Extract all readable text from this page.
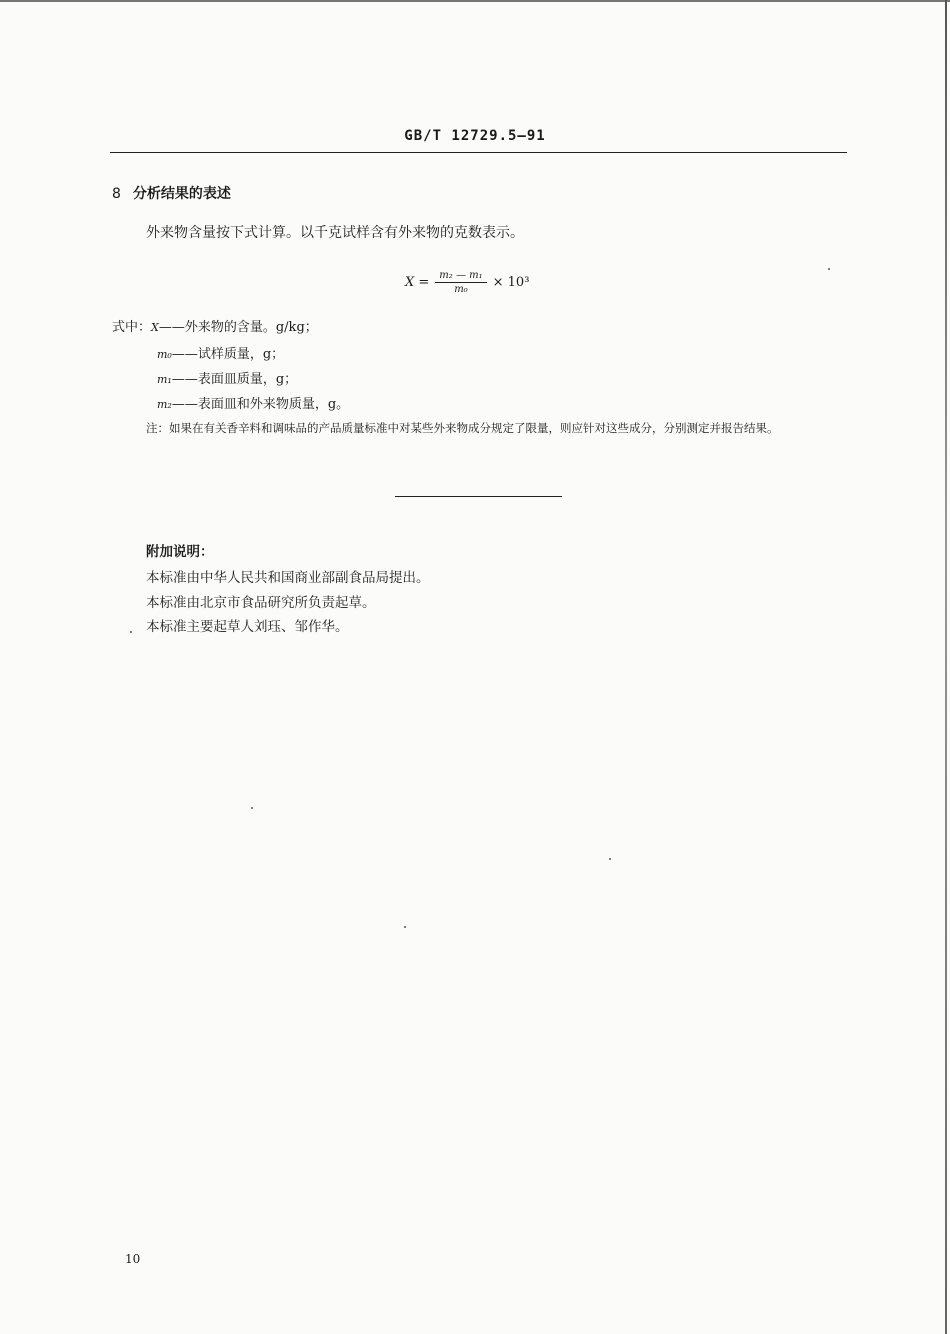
GB/T 12729.5—91
8 分析结果的表述
外来物含量按下式计算。以千克试样含有外来物的克数表示。
$X = \frac{\text{m₂ — m₁}}{\text{m₀}} \times 10^3$
式中：X——外来物的含量。g/kg；
m₀——试样质量，g；
m₁——表面皿质量，g；
m₂——表面皿和外来物质量，g。
注：如果在有关香辛料和调味品的产品质量标准中对某些外来物成分规定了限量，则应针对这些成分，分别测定并报告结果。
附加说明：
本标准由中华人民共和国商业部副食品局提出。
本标准由北京市食品研究所负责起草。
本标准主要起草人刘珏、邹作华。
10
